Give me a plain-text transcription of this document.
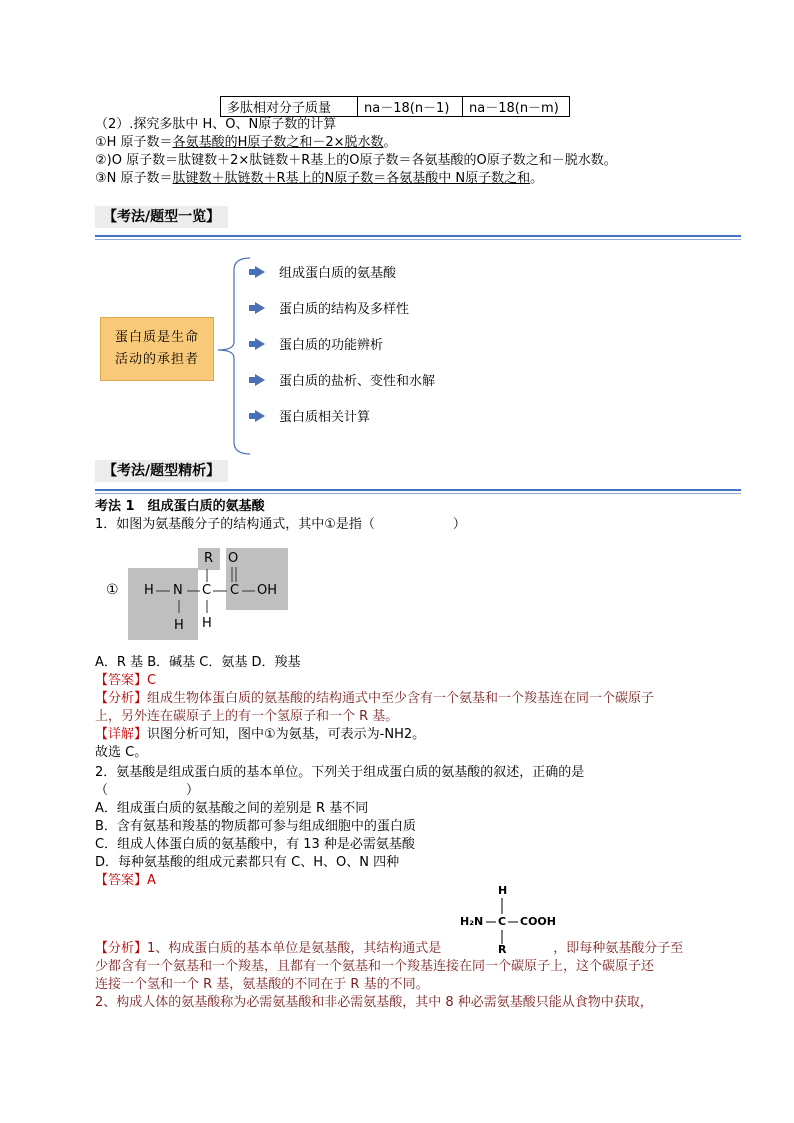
多肽相对分子质量	na－18(n－1)	na－18(n－m)
（2）.探究多肽中 H、O、N原子数的计算
①H 原子数＝各氨基酸的H原子数之和－2×脱水数。
②)O 原子数＝肽键数＋2×肽链数＋R基上的O原子数＝各氨基酸的O原子数之和－脱水数。
③N 原子数＝肽键数＋肽链数＋R基上的N原子数＝各氨基酸中 N原子数之和。
【考法/题型一览】
蛋白质是生命
活动的承担者
组成蛋白质的氨基酸
蛋白质的结构及多样性
蛋白质的功能辨析
蛋白质的盐析、变性和水解
蛋白质相关计算
【考法/题型精析】
考法 1　组成蛋白质的氨基酸
1．如图为氨基酸分子的结构通式，其中①是指（　　　　　　）
①
R O
H N C C OH
H H
A．R 基 B．碱基 C．氨基 D．羧基
【答案】C
【分析】组成生物体蛋白质的氨基酸的结构通式中至少含有一个氨基和一个羧基连在同一个碳原子
上，另外连在碳原子上的有一个氢原子和一个 R 基。
【详解】识图分析可知，图中①为氨基，可表示为-NH2。
故选 C。
2．氨基酸是组成蛋白质的基本单位。下列关于组成蛋白质的氨基酸的叙述，正确的是
（　　　　　　）
A．组成蛋白质的氨基酸之间的差别是 R 基不同
B．含有氨基和羧基的物质都可参与组成细胞中的蛋白质
C．组成人体蛋白质的氨基酸中，有 13 种是必需氨基酸
D．每种氨基酸的组成元素都只有 C、H、O、N 四种
【答案】A
H
H₂N C COOH
R
【分析】1、构成蛋白质的基本单位是氨基酸，其结构通式是	，即每种氨基酸分子至
少都含有一个氨基和一个羧基，且都有一个氨基和一个羧基连接在同一个碳原子上，这个碳原子还
连接一个氢和一个 R 基，氨基酸的不同在于 R 基的不同。
2、构成人体的氨基酸称为必需氨基酸和非必需氨基酸，其中 8 种必需氨基酸只能从食物中获取，
